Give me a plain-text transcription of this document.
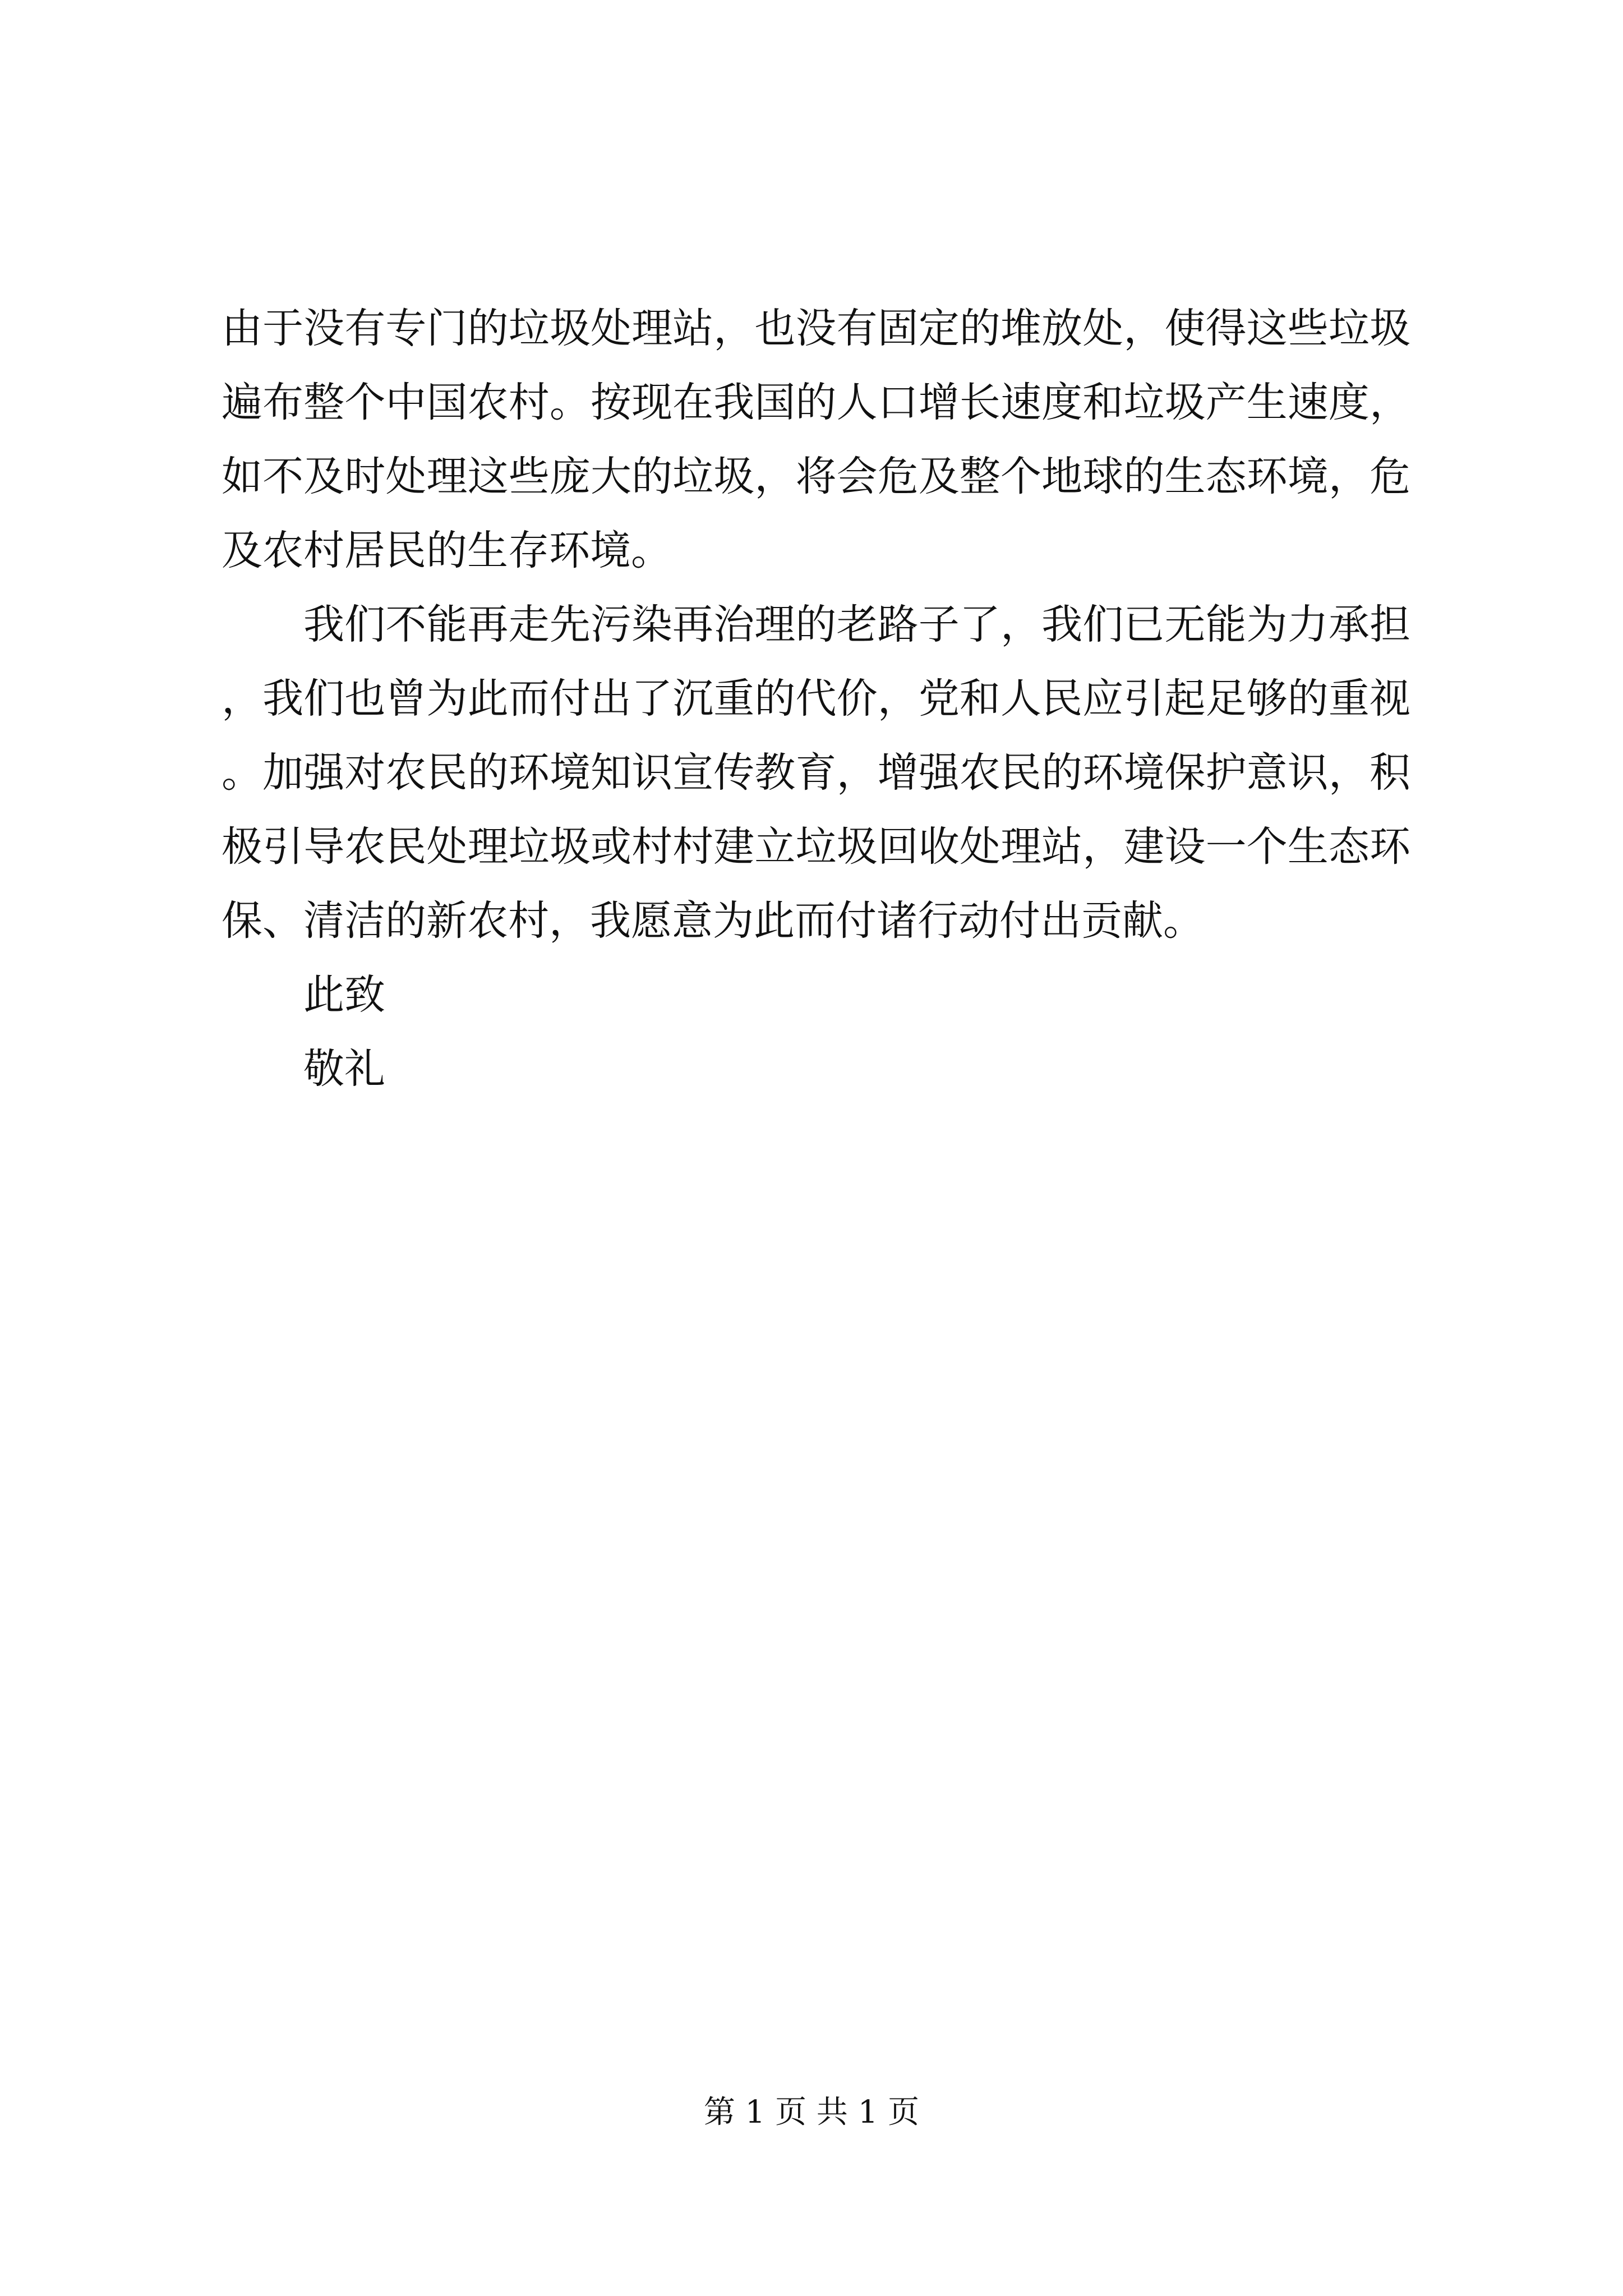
由于没有专门的垃圾处理站，也没有固定的堆放处，使得这些垃圾遍布整个中国农村。按现在我国的人口增长速度和垃圾产生速度，如不及时处理这些庞大的垃圾，将会危及整个地球的生态环境，危及农村居民的生存环境。

我们不能再走先污染再治理的老路子了，我们已无能为力承担，我们也曾为此而付出了沉重的代价，党和人民应引起足够的重视。加强对农民的环境知识宣传教育，增强农民的环境保护意识，积极引导农民处理垃圾或村村建立垃圾回收处理站，建设一个生态环保、清洁的新农村，我愿意为此而付诸行动付出贡献。

此致

敬礼

第 1 页 共 1 页
